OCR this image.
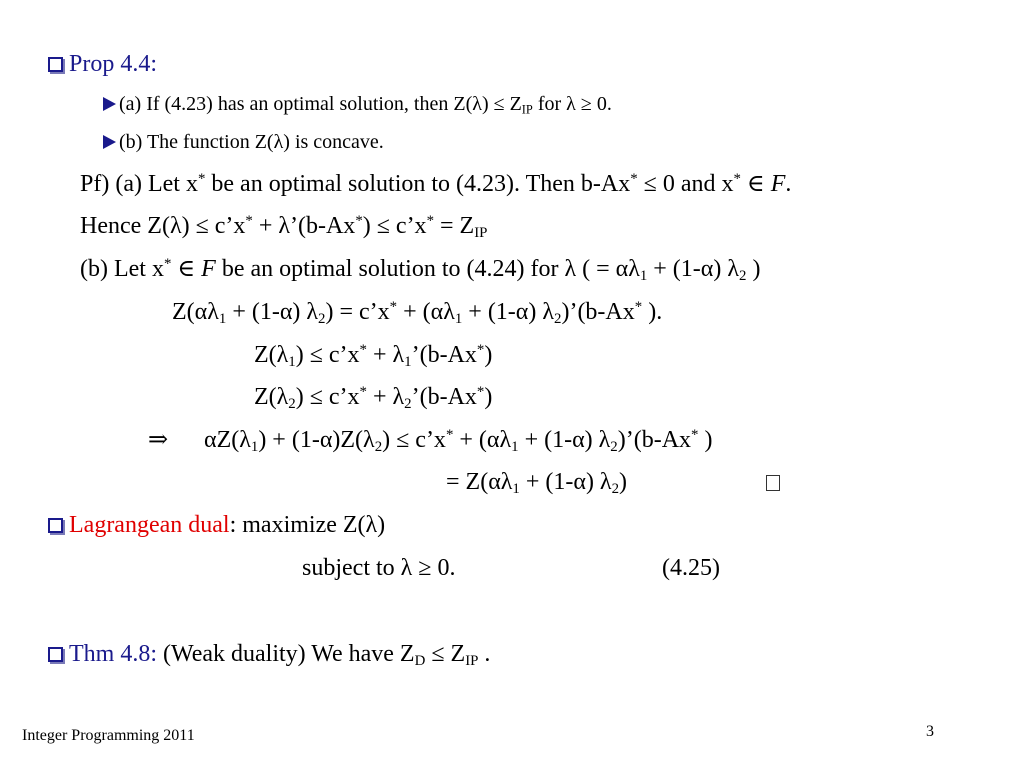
Prop 4.4:
(a) If (4.23) has an optimal solution, then $Z(\lambda) \le Z_{IP}$ for λ ≥ 0.
(b) The function Z(λ) is concave.
Pf) (a) Let x* be an optimal solution to (4.23). Then b-Ax* ≤ 0 and x* ∈ F.
Hence Z(λ) ≤ c’x* + λ’(b-Ax*) ≤ c’x* = $Z_{IP}$
(b) Let x* ∈ F be an optimal solution to (4.24) for λ ( = $\alpha\lambda_1 + (1-\alpha)$ $\lambda_2$ )
$Z(\alpha\lambda_1 + (1-\alpha) \lambda_2)$ = c’x* + ($\alpha\lambda_1 + (1-\alpha)$ $\lambda_2)’(b-Ax^*$ ).
$Z(\lambda_1)$ ≤ c’x* + $\lambda_1’(b-Ax^*)$
$Z(\lambda_2)$ ≤ c’x* + $\lambda_2’(b-Ax^*)$
⇒ $\alpha Z(\lambda_1) + (1-\alpha)Z(\lambda_2)$ ≤ c’x* + ($\alpha\lambda_1 + (1-\alpha)$ $\lambda_2)’(b-Ax^*$ )
= $Z(\alpha\lambda_1 + (1-\alpha)$ $\lambda_2$)
Lagrangean dual: maximize Z(λ)
subject to λ ≥ 0.	(4.25)
Thm 4.8: (Weak duality) We have $Z_D \le Z_{IP}$ .
Integer Programming 2011	3
